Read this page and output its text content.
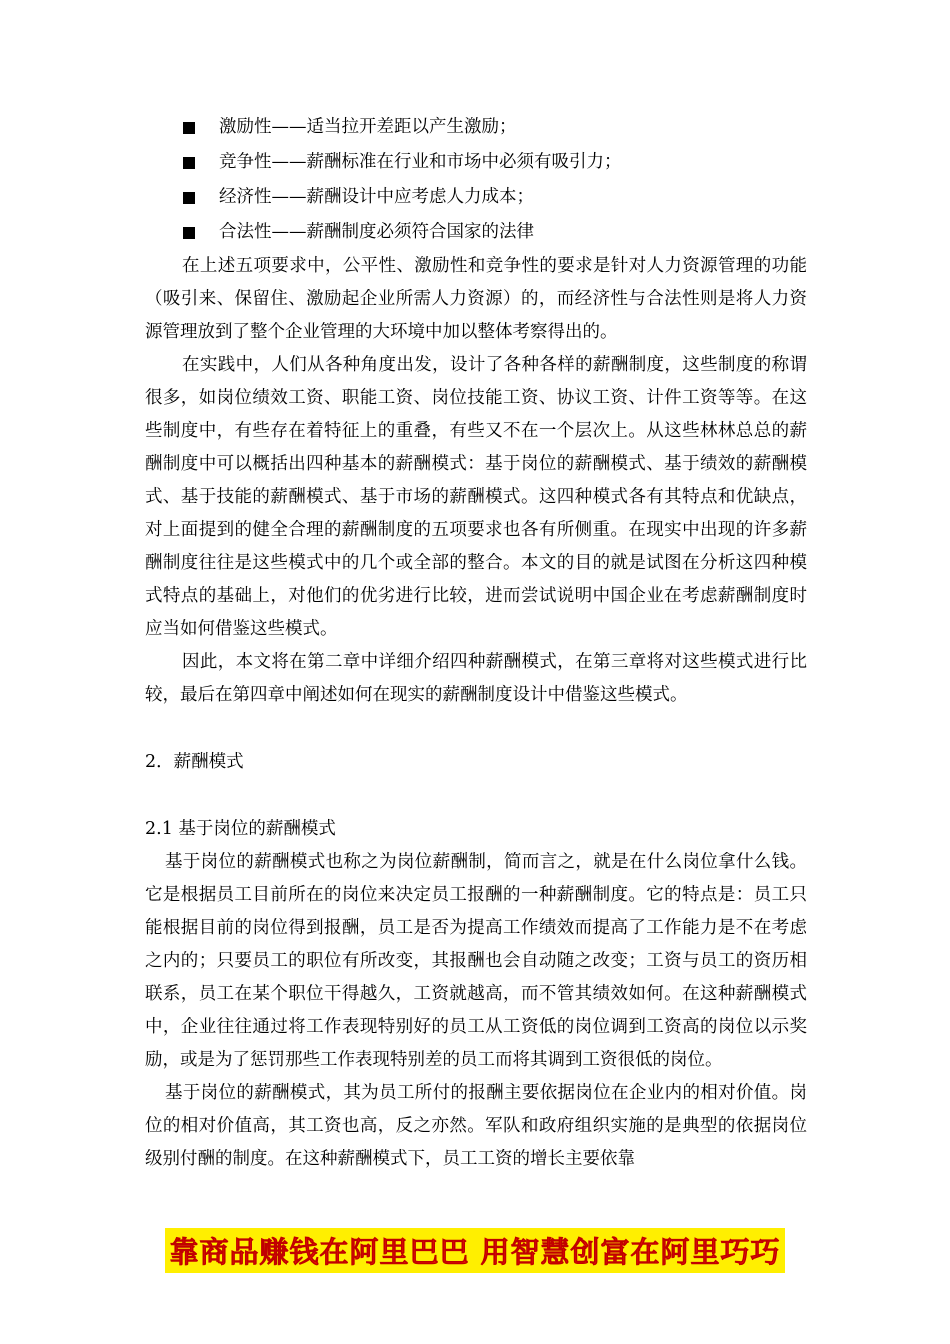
激励性——适当拉开差距以产生激励；
竞争性——薪酬标准在行业和市场中必须有吸引力；
经济性——薪酬设计中应考虑人力成本；
合法性——薪酬制度必须符合国家的法律

在上述五项要求中，公平性、激励性和竞争性的要求是针对人力资源管理的功能（吸引来、保留住、激励起企业所需人力资源）的，而经济性与合法性则是将人力资源管理放到了整个企业管理的大环境中加以整体考察得出的。

在实践中，人们从各种角度出发，设计了各种各样的薪酬制度，这些制度的称谓很多，如岗位绩效工资、职能工资、岗位技能工资、协议工资、计件工资等等。在这些制度中，有些存在着特征上的重叠，有些又不在一个层次上。从这些林林总总的薪酬制度中可以概括出四种基本的薪酬模式：基于岗位的薪酬模式、基于绩效的薪酬模式、基于技能的薪酬模式、基于市场的薪酬模式。这四种模式各有其特点和优缺点，对上面提到的健全合理的薪酬制度的五项要求也各有所侧重。在现实中出现的许多薪酬制度往往是这些模式中的几个或全部的整合。本文的目的就是试图在分析这四种模式特点的基础上，对他们的优劣进行比较，进而尝试说明中国企业在考虑薪酬制度时应当如何借鉴这些模式。

因此，本文将在第二章中详细介绍四种薪酬模式，在第三章将对这些模式进行比较，最后在第四章中阐述如何在现实的薪酬制度设计中借鉴这些模式。

2．薪酬模式
2.1 基于岗位的薪酬模式

基于岗位的薪酬模式也称之为岗位薪酬制，简而言之，就是在什么岗位拿什么钱。它是根据员工目前所在的岗位来决定员工报酬的一种薪酬制度。它的特点是：员工只能根据目前的岗位得到报酬，员工是否为提高工作绩效而提高了工作能力是不在考虑之内的；只要员工的职位有所改变，其报酬也会自动随之改变；工资与员工的资历相联系，员工在某个职位干得越久，工资就越高，而不管其绩效如何。在这种薪酬模式中，企业往往通过将工作表现特别好的员工从工资低的岗位调到工资高的岗位以示奖励，或是为了惩罚那些工作表现特别差的员工而将其调到工资很低的岗位。

基于岗位的薪酬模式，其为员工所付的报酬主要依据岗位在企业内的相对价值。岗位的相对价值高，其工资也高，反之亦然。军队和政府组织实施的是典型的依据岗位级别付酬的制度。在这种薪酬模式下，员工工资的增长主要依靠

靠商品赚钱在阿里巴巴 用智慧创富在阿里巧巧
